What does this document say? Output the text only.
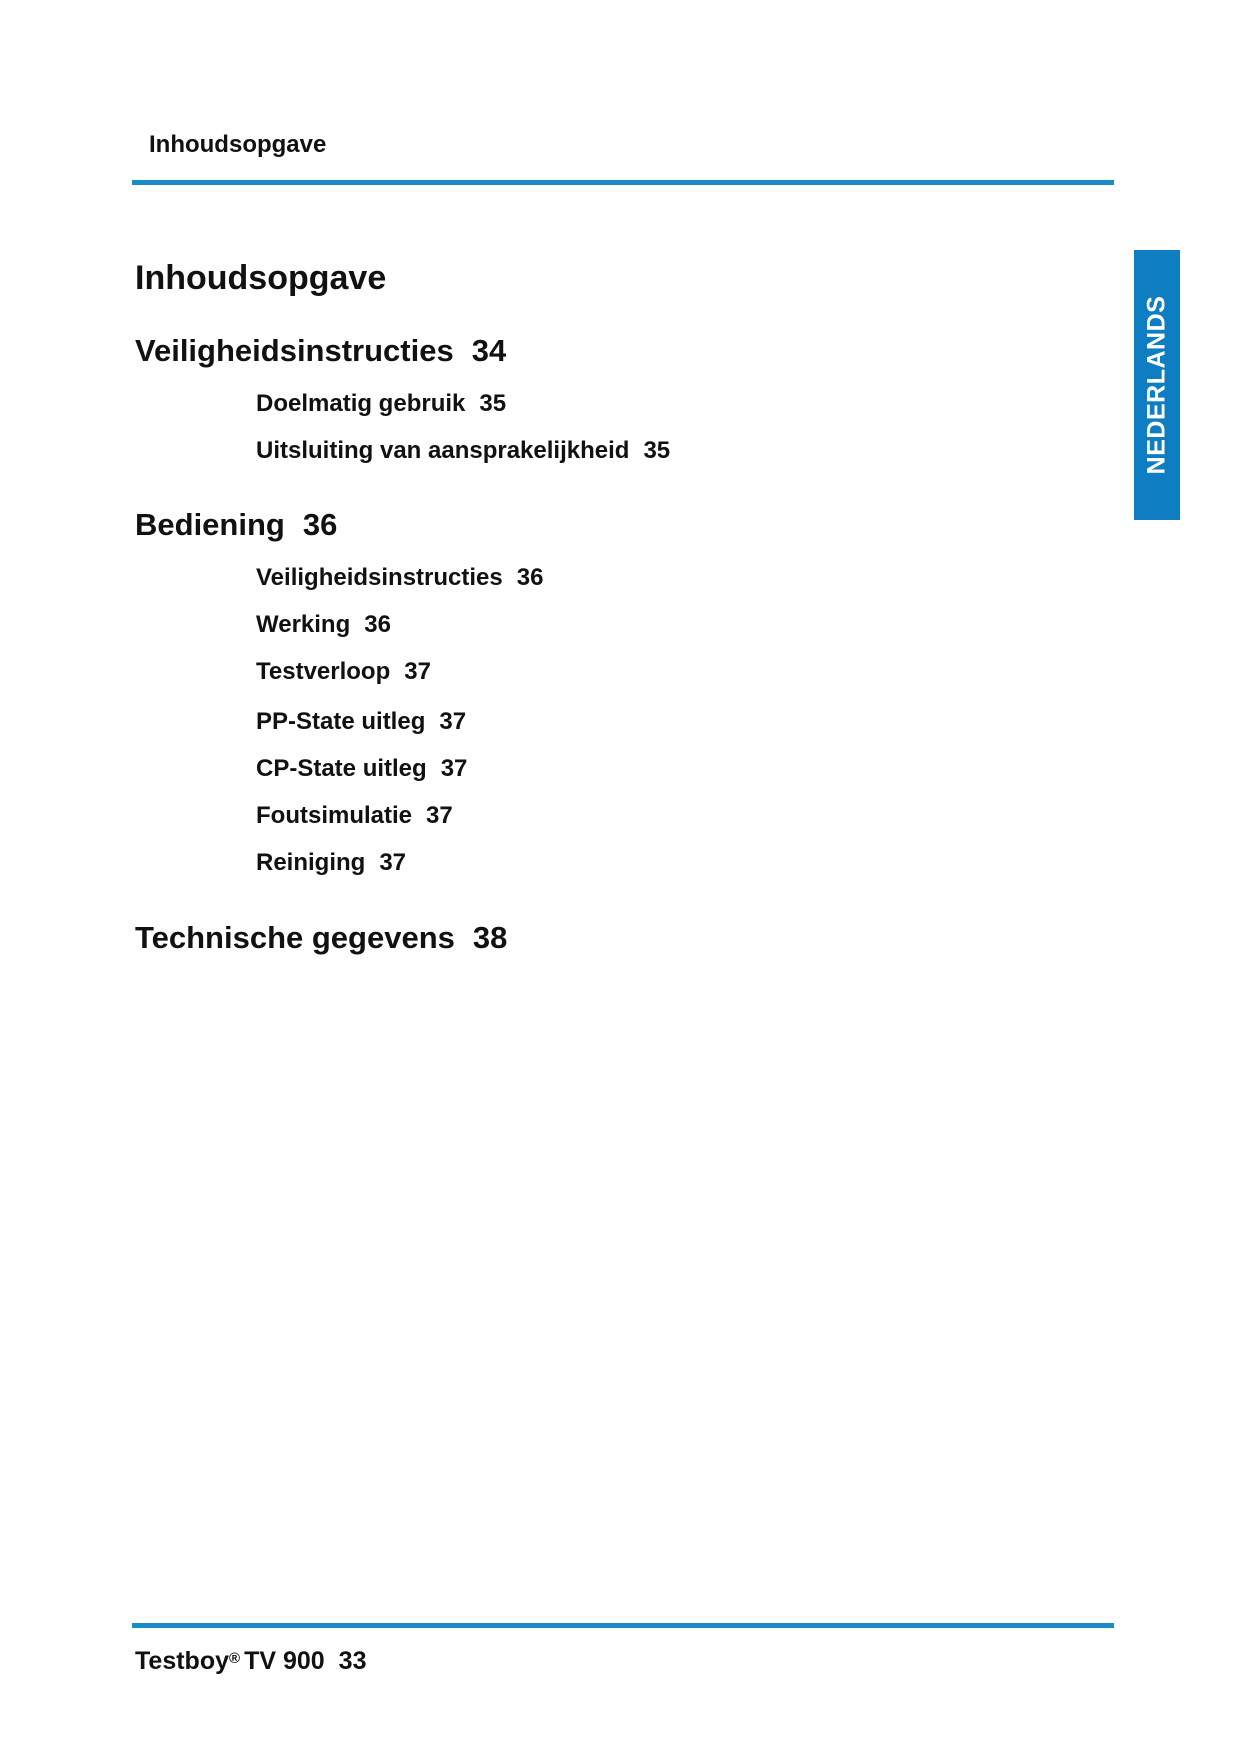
Inhoudsopgave
NEDERLANDS
Inhoudsopgave
Veiligheidsinstructies 34
Doelmatig gebruik 35
Uitsluiting van aansprakelijkheid 35
Bediening 36
Veiligheidsinstructies 36
Werking 36
Testverloop 37
PP-State uitleg 37
CP-State uitleg 37
Foutsimulatie 37
Reiniging 37
Technische gegevens 38
Testboy® TV 900 33
